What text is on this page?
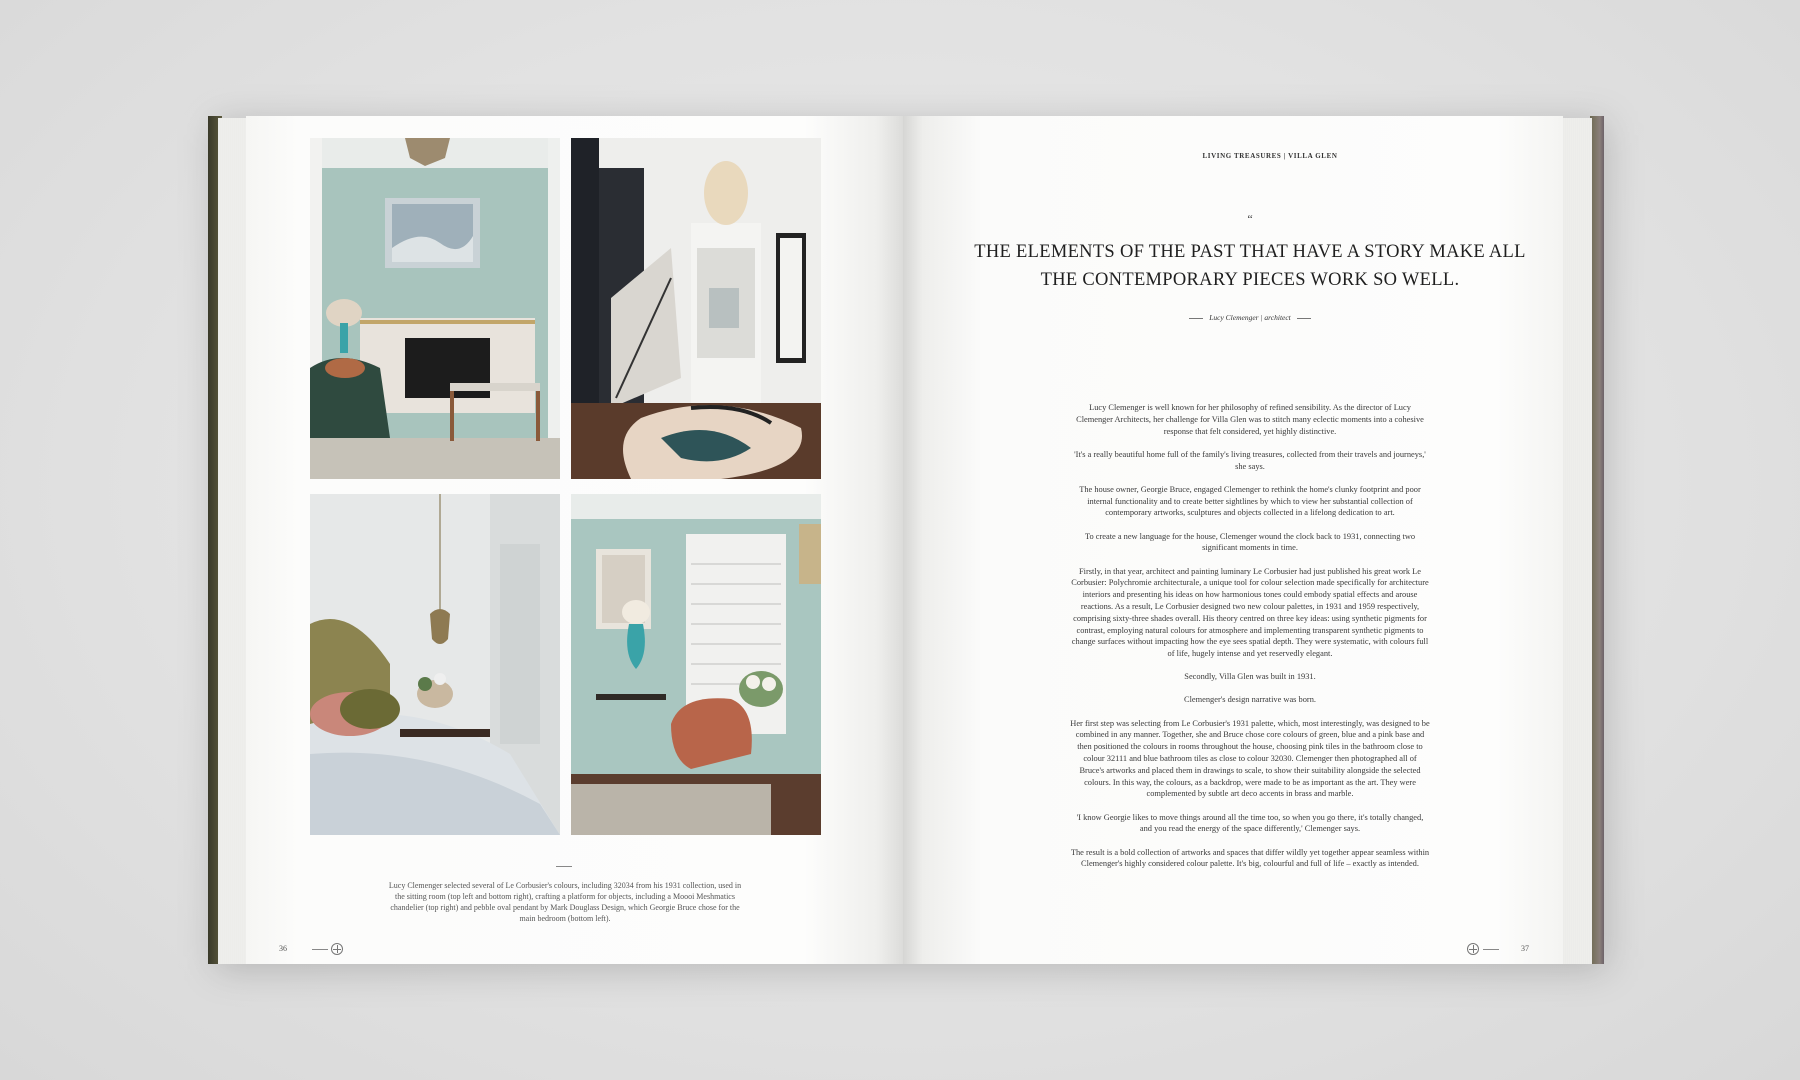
Lucy Clemenger selected several of Le Corbusier's colours, including 32034 from his 1931 collection, used in the sitting room (top left and bottom right), crafting a platform for objects, including a Moooi Meshmatics chandelier (top right) and pebble oval pendant by Mark Douglass Design, which Georgie Bruce chose for the main bedroom (bottom left).
36	37
LIVING TREASURES | VILLA GLEN
“
THE ELEMENTS OF THE PAST THAT HAVE A STORY MAKE ALL THE CONTEMPORARY PIECES WORK SO WELL.
Lucy Clemenger | architect

Lucy Clemenger is well known for her philosophy of refined sensibility. As the director of Lucy Clemenger Architects, her challenge for Villa Glen was to stitch many eclectic moments into a cohesive response that felt considered, yet highly distinctive.

'It's a really beautiful home full of the family's living treasures, collected from their travels and journeys,' she says.

The house owner, Georgie Bruce, engaged Clemenger to rethink the home's clunky footprint and poor internal functionality and to create better sightlines by which to view her substantial collection of contemporary artworks, sculptures and objects collected in a lifelong dedication to art.

To create a new language for the house, Clemenger wound the clock back to 1931, connecting two significant moments in time.

Firstly, in that year, architect and painting luminary Le Corbusier had just published his great work Le Corbusier: Polychromie architecturale, a unique tool for colour selection made specifically for architecture interiors and presenting his ideas on how harmonious tones could embody spatial effects and arouse reactions. As a result, Le Corbusier designed two new colour palettes, in 1931 and 1959 respectively, comprising sixty-three shades overall. His theory centred on three key ideas: using synthetic pigments for contrast, employing natural colours for atmosphere and implementing transparent synthetic pigments to change surfaces without impacting how the eye sees spatial depth. They were systematic, with colours full of life, hugely intense and yet reservedly elegant.

Secondly, Villa Glen was built in 1931.

Clemenger's design narrative was born.

Her first step was selecting from Le Corbusier's 1931 palette, which, most interestingly, was designed to be combined in any manner. Together, she and Bruce chose core colours of green, blue and a pink base and then positioned the colours in rooms throughout the house, choosing pink tiles in the bathroom close to colour 32111 and blue bathroom tiles as close to colour 32030. Clemenger then photographed all of Bruce's artworks and placed them in drawings to scale, to show their suitability alongside the selected colours. In this way, the colours, as a backdrop, were made to be as important as the art. They were complemented by subtle art deco accents in brass and marble.

'I know Georgie likes to move things around all the time too, so when you go there, it's totally changed, and you read the energy of the space differently,' Clemenger says.

The result is a bold collection of artworks and spaces that differ wildly yet together appear seamless within Clemenger's highly considered colour palette. It's big, colourful and full of life – exactly as intended.
